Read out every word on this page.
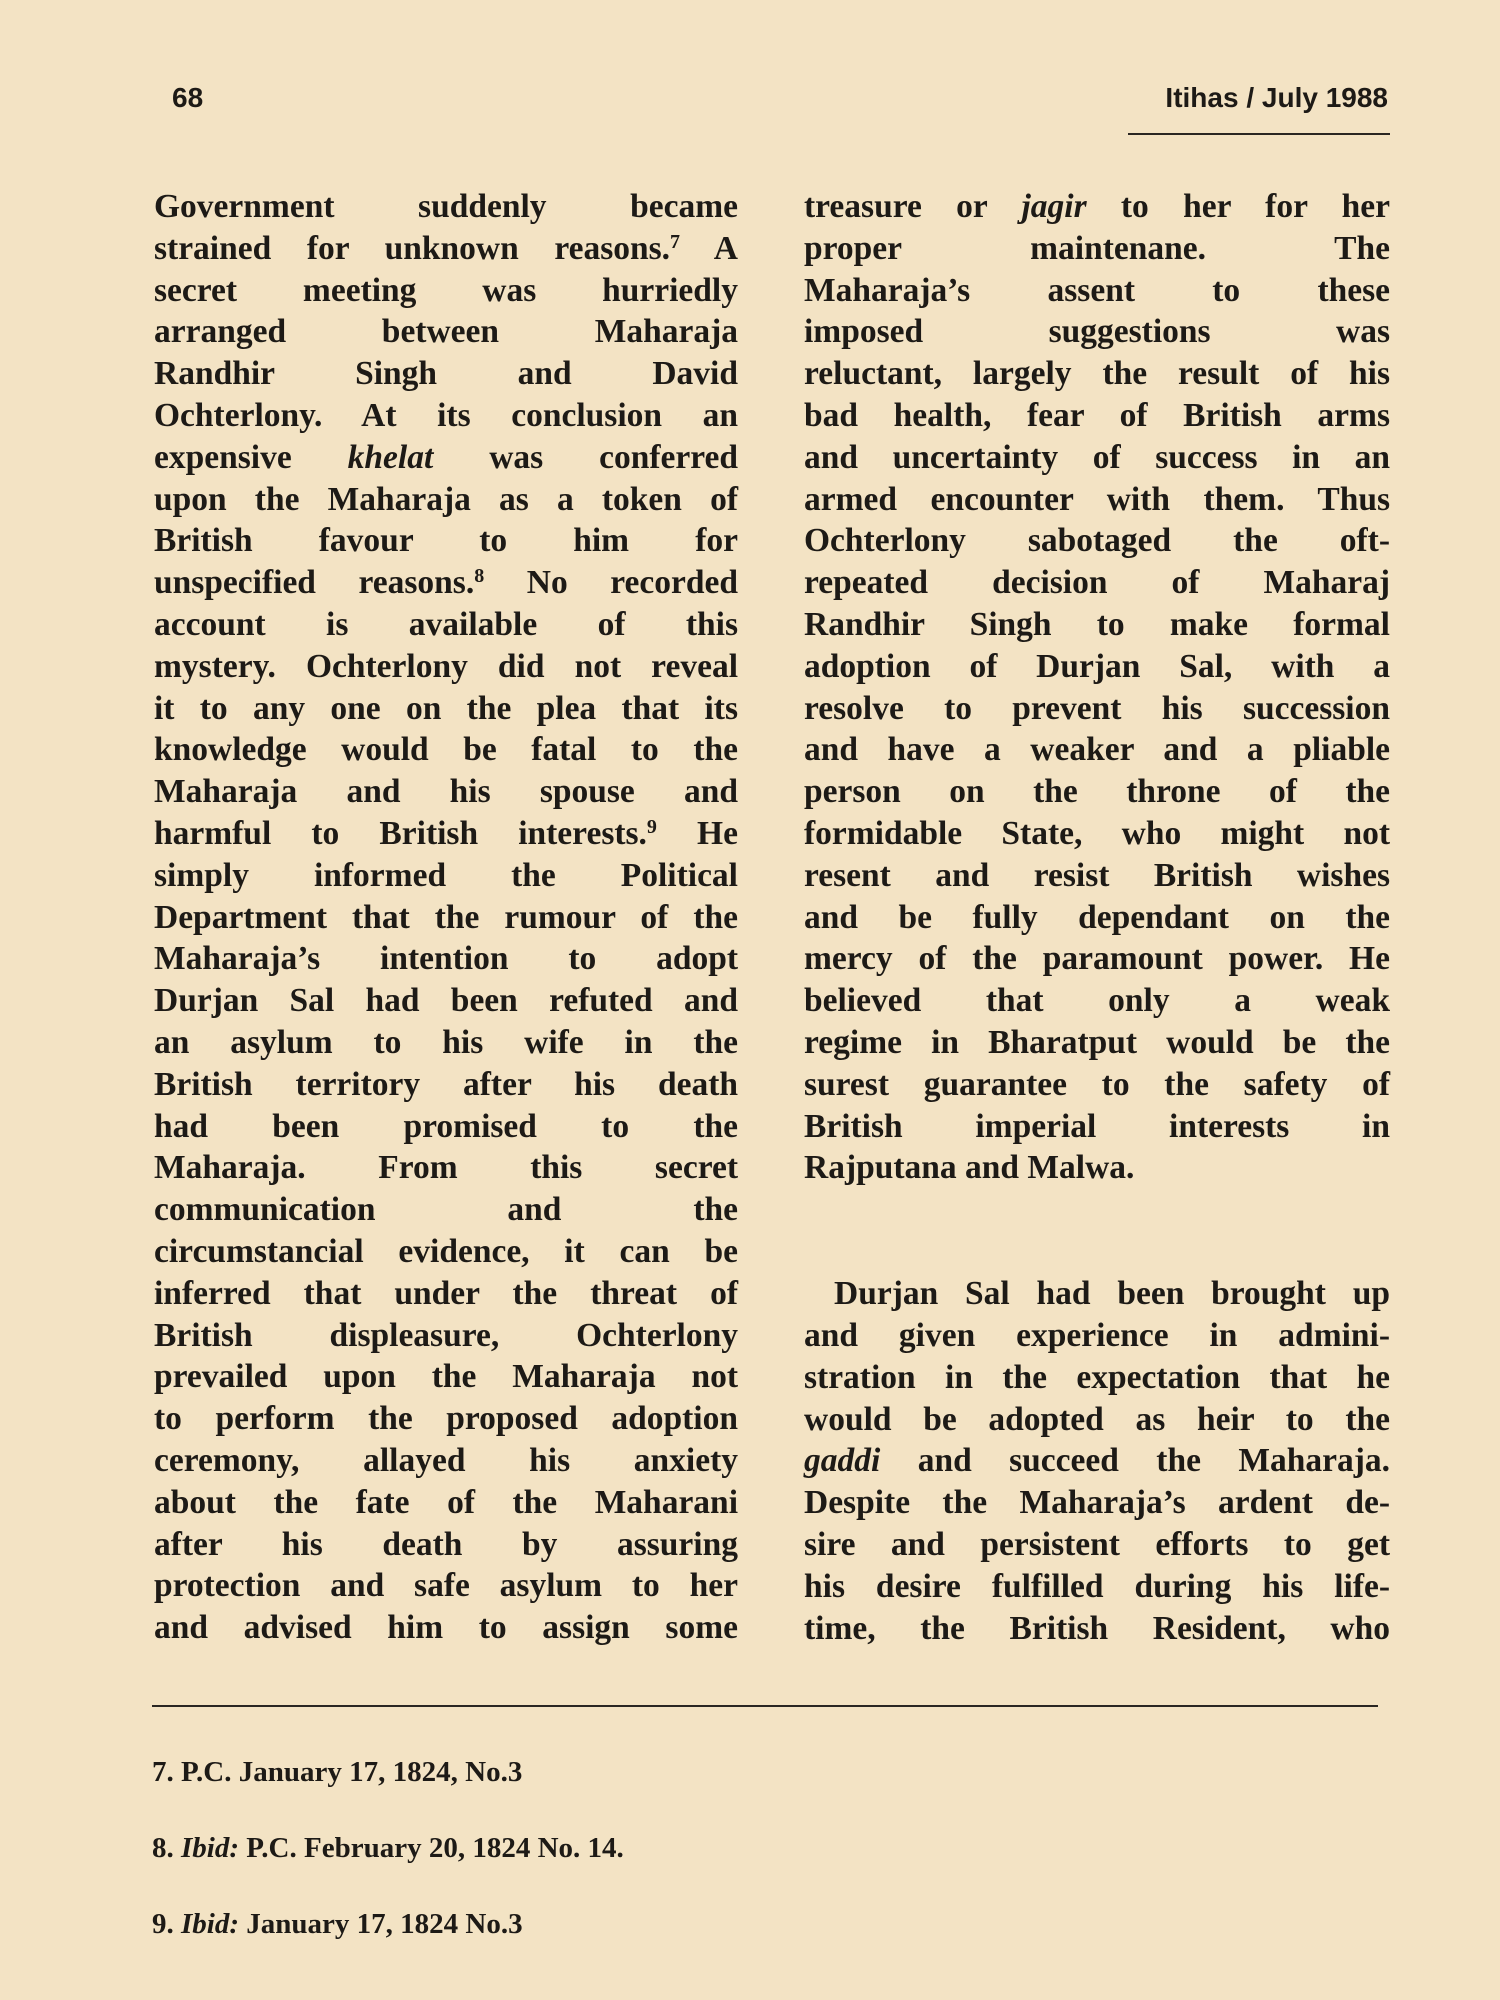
68	Itihas / July 1988
Government suddenly became
strained for unknown reasons.$^7$ A
secret meeting was hurriedly
arranged between Maharaja
Randhir Singh and David
Ochterlony. At its conclusion an
expensive khelat was conferred
upon the Maharaja as a token of
British favour to him for
unspecified reasons.$^8$ No recorded
account is available of this
mystery. Ochterlony did not reveal
it to any one on the plea that its
knowledge would be fatal to the
Maharaja and his spouse and
harmful to British interests.$^9$ He
simply informed the Political
Department that the rumour of the
Maharaja’s intention to adopt
Durjan Sal had been refuted and
an asylum to his wife in the
British territory after his death
had been promised to the
Maharaja. From this secret
communication and the
circumstancial evidence, it can be
inferred that under the threat of
British displeasure, Ochterlony
prevailed upon the Maharaja not
to perform the proposed adoption
ceremony, allayed his anxiety
about the fate of the Maharani
after his death by assuring
protection and safe asylum to her
and advised him to assign some
treasure or jagir to her for her
proper maintenane. The
Maharaja’s assent to these
imposed suggestions was
reluctant, largely the result of his
bad health, fear of British arms
and uncertainty of success in an
armed encounter with them. Thus
Ochterlony sabotaged the oft-
repeated decision of Maharaj
Randhir Singh to make formal
adoption of Durjan Sal, with a
resolve to prevent his succession
and have a weaker and a pliable
person on the throne of the
formidable State, who might not
resent and resist British wishes
and be fully dependant on the
mercy of the paramount power. He
believed that only a weak
regime in Bharatput would be the
surest guarantee to the safety of
British imperial interests in
Rajputana and Malwa.
Durjan Sal had been brought up
and given experience in admini-
stration in the expectation that he
would be adopted as heir to the
gaddi and succeed the Maharaja.
Despite the Maharaja’s ardent de-
sire and persistent efforts to get
his desire fulfilled during his life-
time, the British Resident, who
7. P.C. January 17, 1824, No.3
8. Ibid: P.C. February 20, 1824 No. 14.
9. Ibid: January 17, 1824 No.3
